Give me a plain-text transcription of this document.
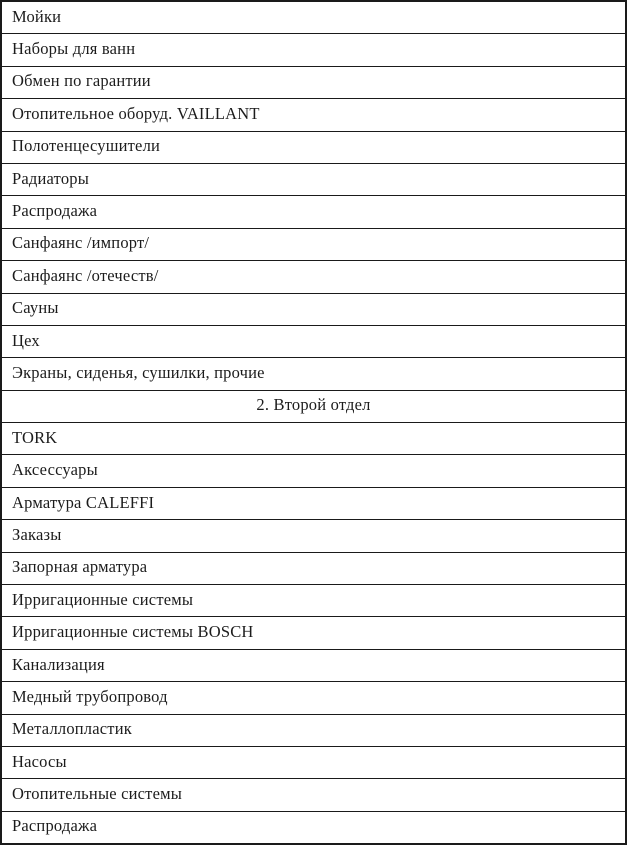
Мойки
Наборы для ванн
Обмен по гарантии
Отопительное оборуд. VAILLANT
Полотенцесушители
Радиаторы
Распродажа
Санфаянс /импорт/
Санфаянс /отечеств/
Сауны
Цех
Экраны, сиденья, сушилки, прочие
2. Второй отдел
TORK
Аксессуары
Арматура CALEFFI
Заказы
Запорная арматура
Ирригационные системы
Ирригационные системы BOSCH
Канализация
Медный трубопровод
Металлопластик
Насосы
Отопительные системы
Распродажа
